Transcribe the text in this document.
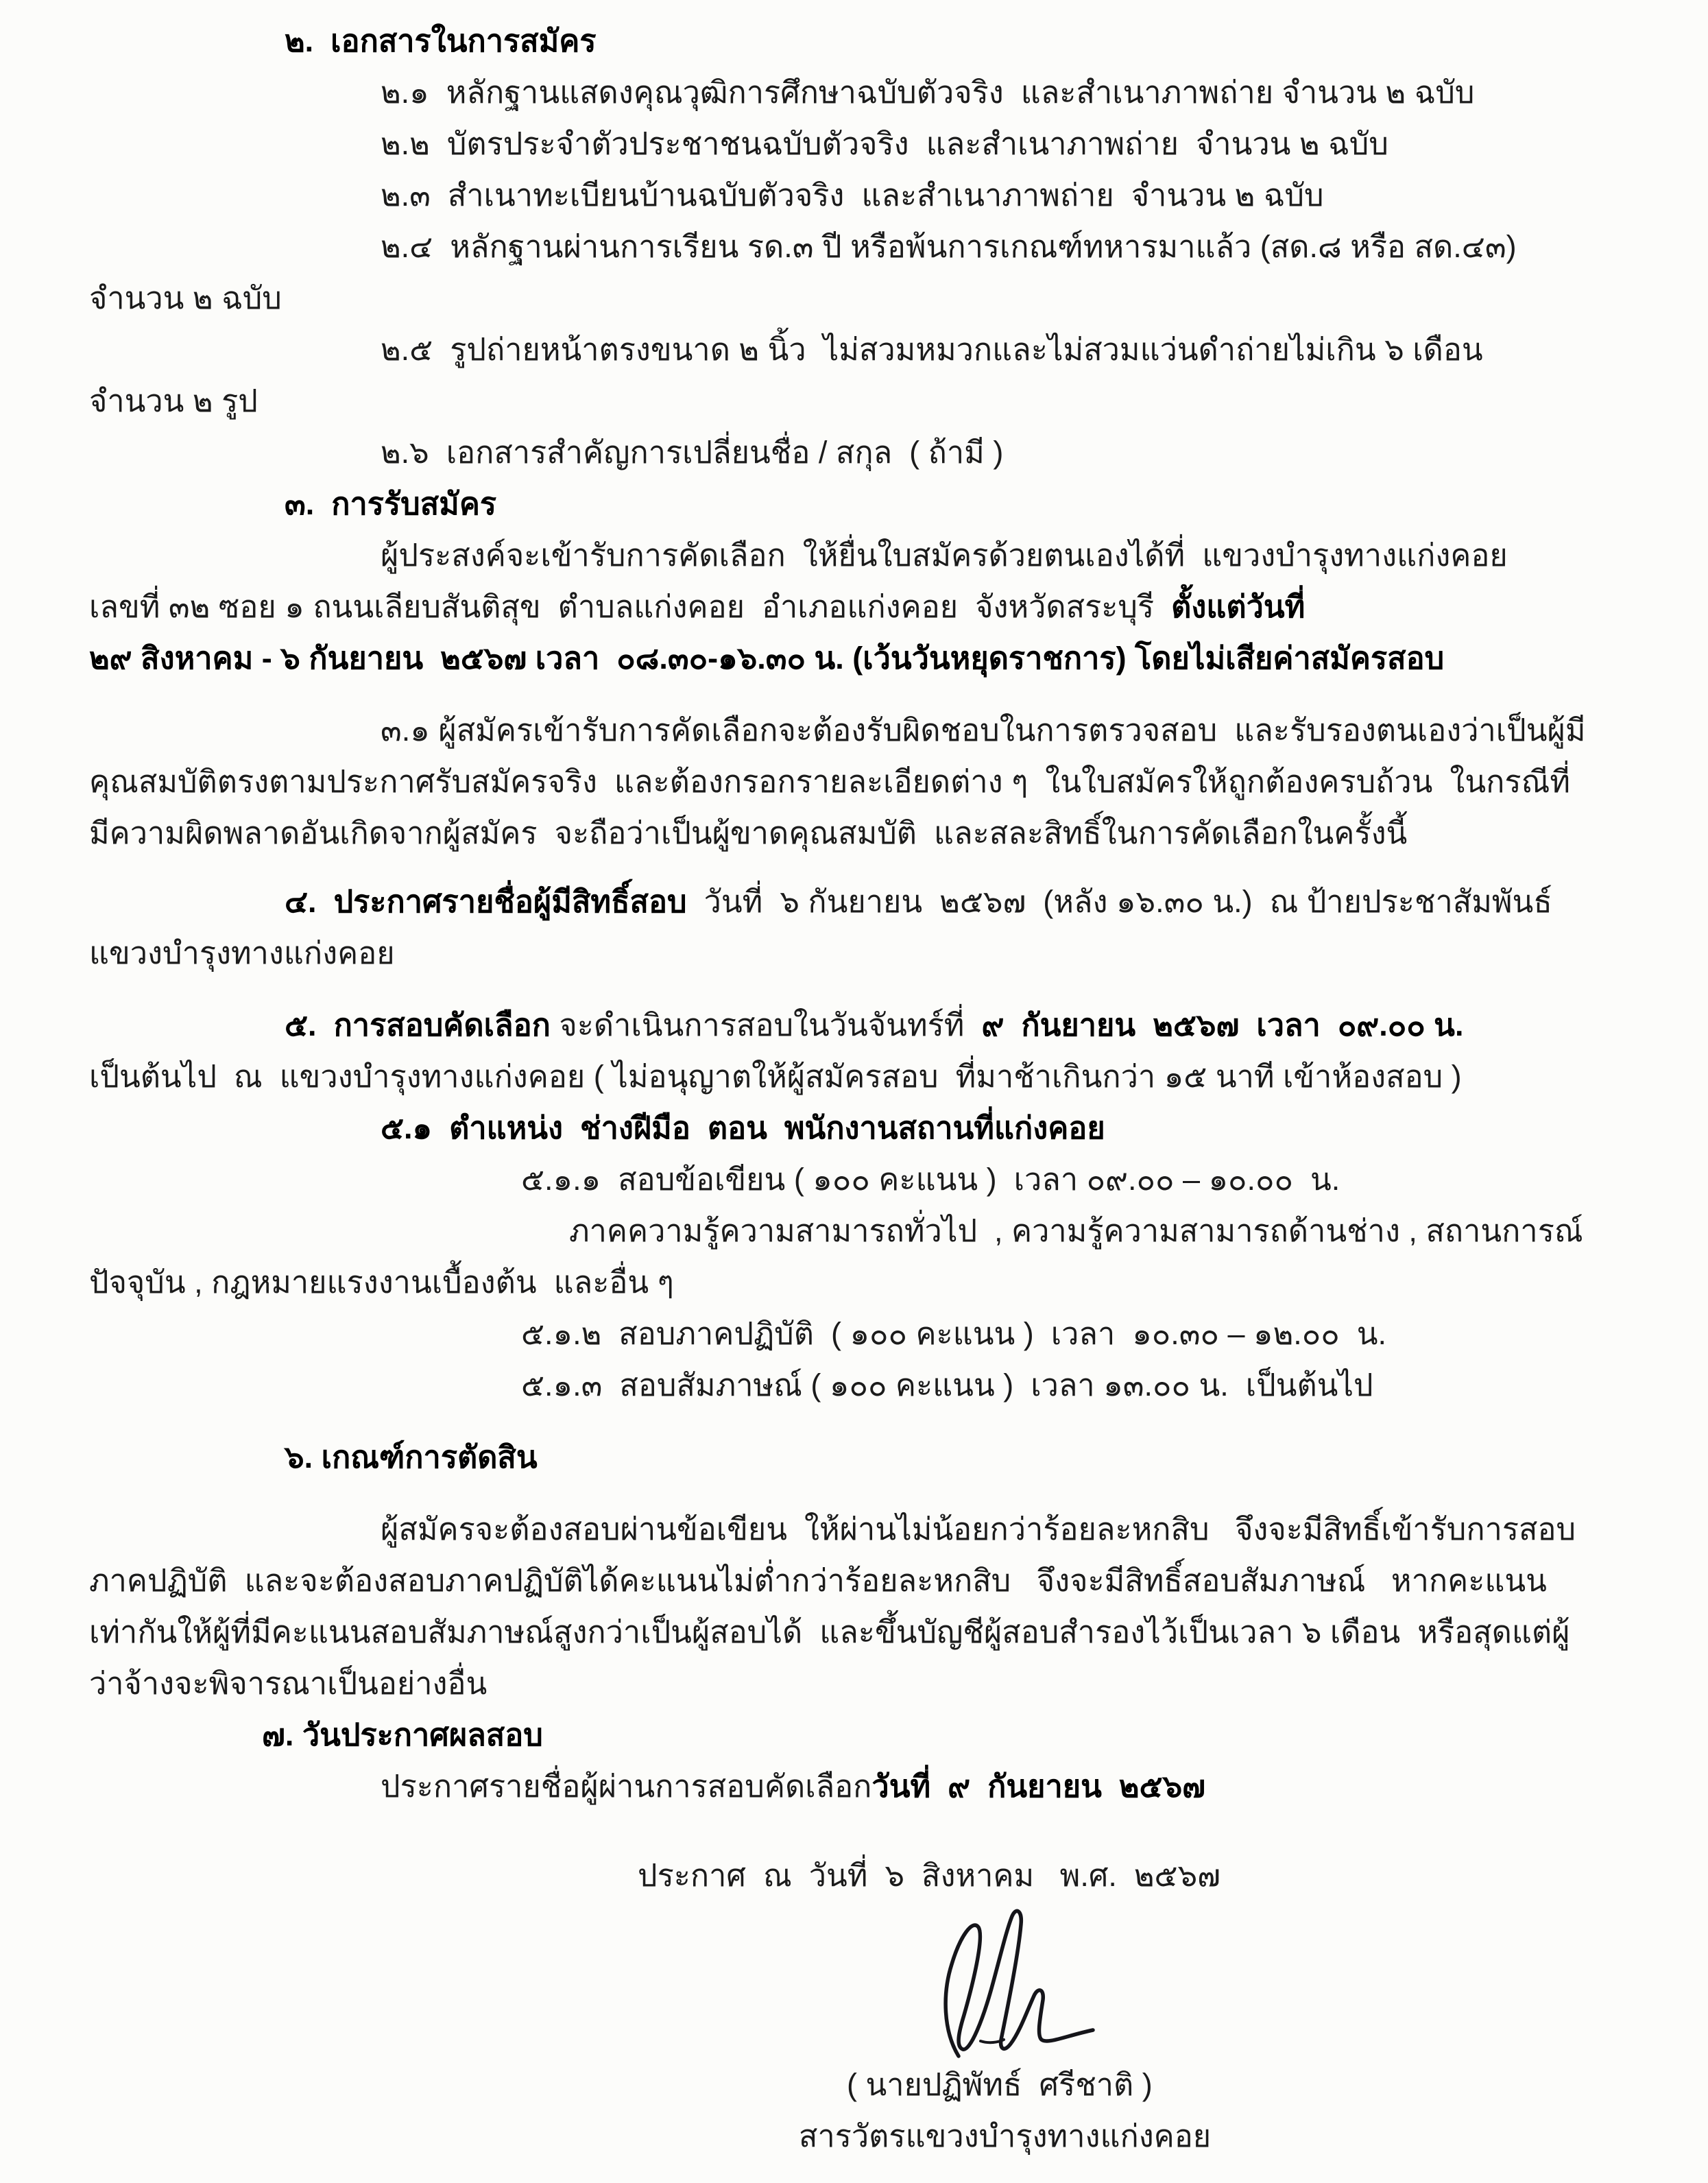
๒.  เอกสารในการสมัคร
๒.๑  หลักฐานแสดงคุณวุฒิการศึกษาฉบับตัวจริง  และสำเนาภาพถ่าย จำนวน ๒ ฉบับ
๒.๒  บัตรประจำตัวประชาชนฉบับตัวจริง  และสำเนาภาพถ่าย  จำนวน ๒ ฉบับ
๒.๓  สำเนาทะเบียนบ้านฉบับตัวจริง  และสำเนาภาพถ่าย  จำนวน ๒ ฉบับ
๒.๔  หลักฐานผ่านการเรียน รด.๓ ปี หรือพ้นการเกณฑ์ทหารมาแล้ว (สด.๘ หรือ สด.๔๓)
จำนวน ๒ ฉบับ
๒.๕  รูปถ่ายหน้าตรงขนาด ๒ นิ้ว  ไม่สวมหมวกและไม่สวมแว่นดำถ่ายไม่เกิน ๖ เดือน
จำนวน ๒ รูป
๒.๖  เอกสารสำคัญการเปลี่ยนชื่อ / สกุล  ( ถ้ามี )
๓.  การรับสมัคร
ผู้ประสงค์จะเข้ารับการคัดเลือก  ให้ยื่นใบสมัครด้วยตนเองได้ที่  แขวงบำรุงทางแก่งคอย
เลขที่ ๓๒ ซอย ๑ ถนนเลียบสันติสุข  ตำบลแก่งคอย  อำเภอแก่งคอย  จังหวัดสระบุรี  ตั้งแต่วันที่
๒๙ สิงหาคม - ๖ กันยายน  ๒๕๖๗ เวลา  ๐๘.๓๐-๑๖.๓๐ น. (เว้นวันหยุดราชการ) โดยไม่เสียค่าสมัครสอบ
๓.๑ ผู้สมัครเข้ารับการคัดเลือกจะต้องรับผิดชอบในการตรวจสอบ  และรับรองตนเองว่าเป็นผู้มี
คุณสมบัติตรงตามประกาศรับสมัครจริง  และต้องกรอกรายละเอียดต่าง ๆ  ในใบสมัครให้ถูกต้องครบถ้วน  ในกรณีที่
มีความผิดพลาดอันเกิดจากผู้สมัคร  จะถือว่าเป็นผู้ขาดคุณสมบัติ  และสละสิทธิ์ในการคัดเลือกในครั้งนี้
๔.  ประกาศรายชื่อผู้มีสิทธิ์สอบ  วันที่  ๖ กันยายน  ๒๕๖๗  (หลัง ๑๖.๓๐ น.)  ณ ป้ายประชาสัมพันธ์
แขวงบำรุงทางแก่งคอย
๕.  การสอบคัดเลือก จะดำเนินการสอบในวันจันทร์ที่  ๙  กันยายน  ๒๕๖๗  เวลา  ๐๙.๐๐ น.
เป็นต้นไป  ณ  แขวงบำรุงทางแก่งคอย ( ไม่อนุญาตให้ผู้สมัครสอบ  ที่มาช้าเกินกว่า ๑๕ นาที เข้าห้องสอบ )
๕.๑  ตำแหน่ง  ช่างฝีมือ  ตอน  พนักงานสถานที่แก่งคอย
๕.๑.๑  สอบข้อเขียน ( ๑๐๐ คะแนน )  เวลา ๐๙.๐๐ – ๑๐.๐๐  น.
ภาคความรู้ความสามารถทั่วไป  , ความรู้ความสามารถด้านช่าง , สถานการณ์
ปัจจุบัน , กฎหมายแรงงานเบื้องต้น  และอื่น ๆ
๕.๑.๒  สอบภาคปฏิบัติ  ( ๑๐๐ คะแนน )  เวลา  ๑๐.๓๐ – ๑๒.๐๐  น.
๕.๑.๓  สอบสัมภาษณ์ ( ๑๐๐ คะแนน )  เวลา ๑๓.๐๐ น.  เป็นต้นไป
๖. เกณฑ์การตัดสิน
ผู้สมัครจะต้องสอบผ่านข้อเขียน  ให้ผ่านไม่น้อยกว่าร้อยละหกสิบ   จึงจะมีสิทธิ์เข้ารับการสอบ
ภาคปฏิบัติ  และจะต้องสอบภาคปฏิบัติได้คะแนนไม่ต่ำกว่าร้อยละหกสิบ   จึงจะมีสิทธิ์สอบสัมภาษณ์   หากคะแนน
เท่ากันให้ผู้ที่มีคะแนนสอบสัมภาษณ์สูงกว่าเป็นผู้สอบได้  และขึ้นบัญชีผู้สอบสำรองไว้เป็นเวลา ๖ เดือน  หรือสุดแต่ผู้
ว่าจ้างจะพิจารณาเป็นอย่างอื่น
๗. วันประกาศผลสอบ
ประกาศรายชื่อผู้ผ่านการสอบคัดเลือกวันที่  ๙  กันยายน  ๒๕๖๗
ประกาศ  ณ  วันที่  ๖  สิงหาคม   พ.ศ.  ๒๕๖๗
( นายปฏิพัทธ์  ศรีชาติ )
สารวัตรแขวงบำรุงทางแก่งคอย
